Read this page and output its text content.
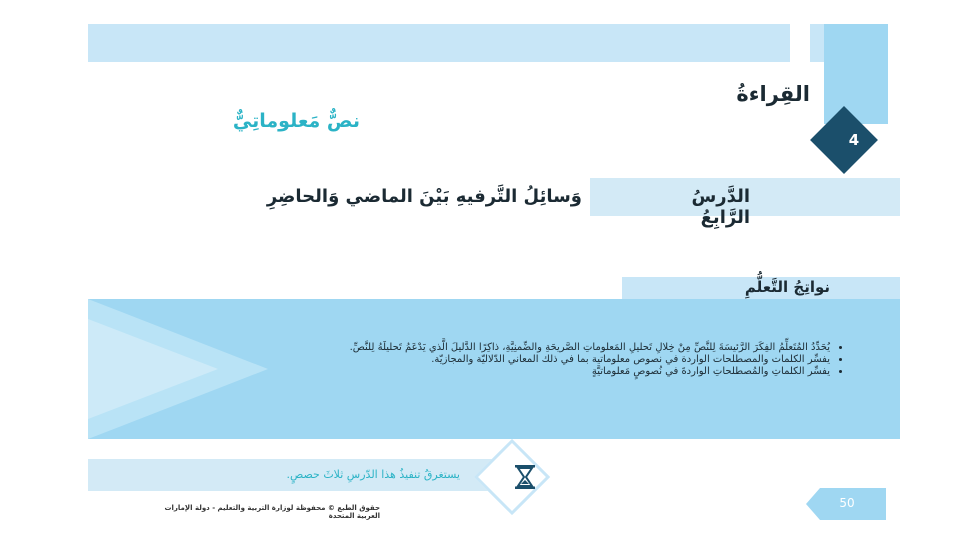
القِراءةُ
نصٌّ مَعلوماتِيٌّ
4
الدَّرسُ الرَّابِعُ
وَسائِلُ التَّرفيهِ بَيْنَ الماضي وَالحاضِرِ
نواتِجُ التَّعلُّمِ
• يُحَدِّدُ المُتَعلِّمُ الفِكَرَ الرَّئيسَةَ لِلنَّصِّ مِنْ خِلالِ تَحليلِ المَعلوماتِ الصَّريحَةِ والضِّمنِيَّةِ، ذاكِرًا الدَّليلَ الَّذي يَدْعَمُ تَحليلَهُ لِلنَّصِّ.
• يفسِّر الكلمات والمصطلحات الواردة في نصوص معلوماتية بما في ذلك المعاني الدّلاليّة والمجازيّة.
• يفسِّر الكلماتِ والمُصطلحاتِ الواردةَ في نُصوصٍ مَعلوماتيَّةٍ
يستغرقُ تنفيذُ هذا الدّرسِ ثلاثَ حصصٍ.
50
حقوق الطبع © محفوظة لوزارة التربية والتعليم - دولة الإمارات العربية المتحدة
